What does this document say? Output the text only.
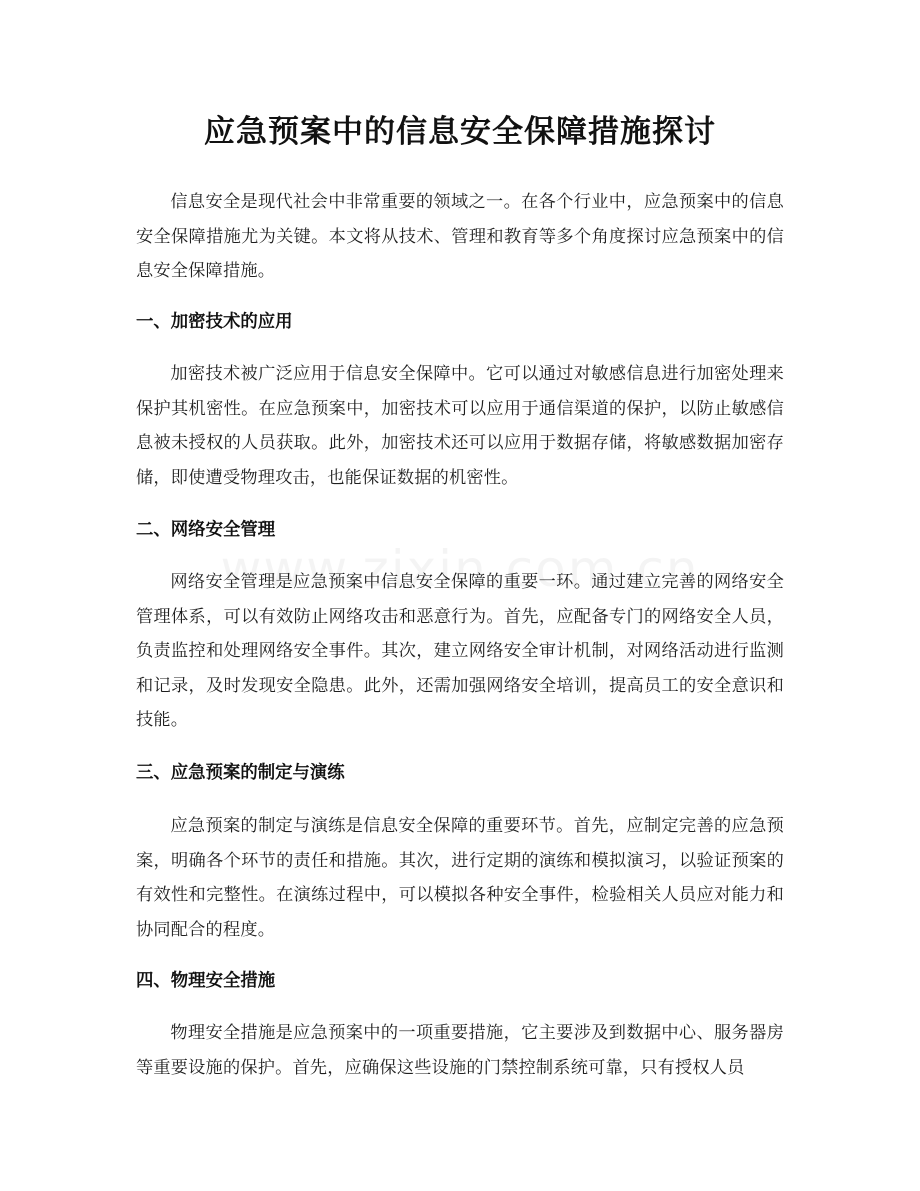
应急预案中的信息安全保障措施探讨

信息安全是现代社会中非常重要的领域之一。在各个行业中，应急预案中的信息安全保障措施尤为关键。本文将从技术、管理和教育等多个角度探讨应急预案中的信息安全保障措施。

一、加密技术的应用

加密技术被广泛应用于信息安全保障中。它可以通过对敏感信息进行加密处理来保护其机密性。在应急预案中，加密技术可以应用于通信渠道的保护，以防止敏感信息被未授权的人员获取。此外，加密技术还可以应用于数据存储，将敏感数据加密存储，即使遭受物理攻击，也能保证数据的机密性。

二、网络安全管理

网络安全管理是应急预案中信息安全保障的重要一环。通过建立完善的网络安全管理体系，可以有效防止网络攻击和恶意行为。首先，应配备专门的网络安全人员，负责监控和处理网络安全事件。其次，建立网络安全审计机制，对网络活动进行监测和记录，及时发现安全隐患。此外，还需加强网络安全培训，提高员工的安全意识和技能。

三、应急预案的制定与演练

应急预案的制定与演练是信息安全保障的重要环节。首先，应制定完善的应急预案，明确各个环节的责任和措施。其次，进行定期的演练和模拟演习，以验证预案的有效性和完整性。在演练过程中，可以模拟各种安全事件，检验相关人员应对能力和协同配合的程度。

四、物理安全措施

物理安全措施是应急预案中的一项重要措施，它主要涉及到数据中心、服务器房等重要设施的保护。首先，应确保这些设施的门禁控制系统可靠，只有授权人员
